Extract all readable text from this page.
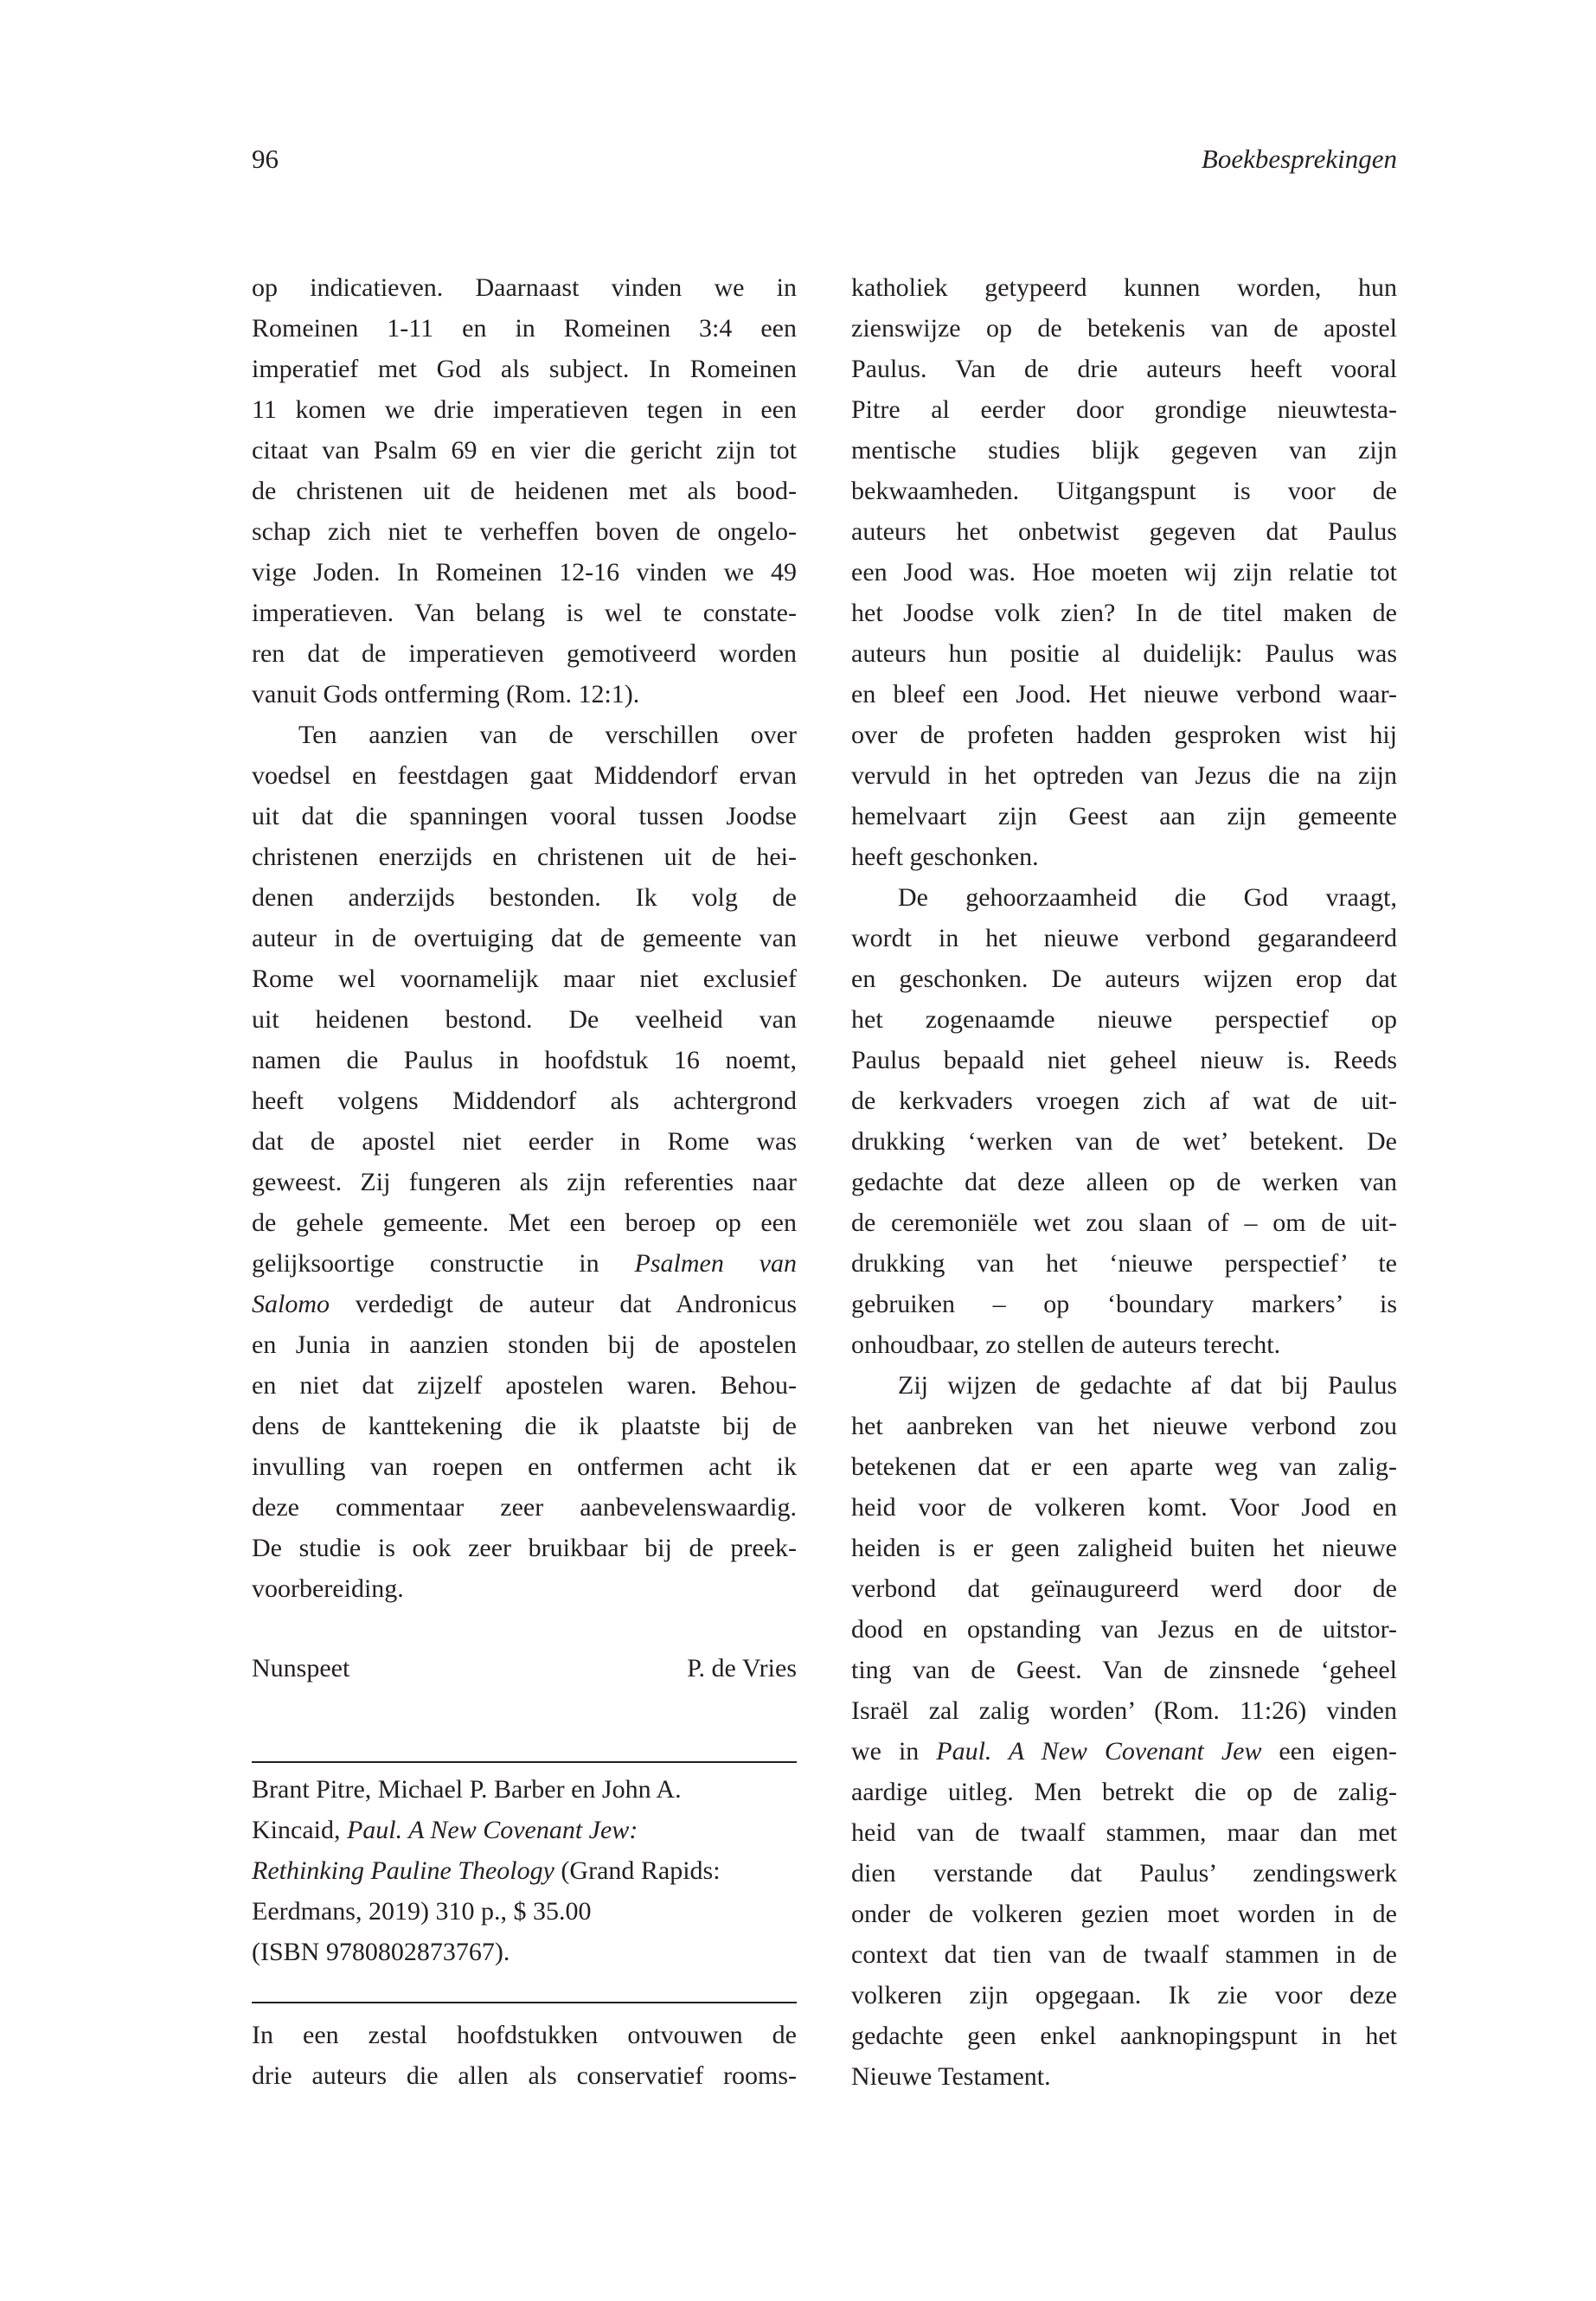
96	Boekbesprekingen
op indicatieven. Daarnaast vinden we in
Romeinen 1-11 en in Romeinen 3:4 een
imperatief met God als subject. In Romeinen
11 komen we drie imperatieven tegen in een
citaat van Psalm 69 en vier die gericht zijn tot
de christenen uit de heidenen met als bood-
schap zich niet te verheffen boven de ongelo-
vige Joden. In Romeinen 12-16 vinden we 49
imperatieven. Van belang is wel te constate-
ren dat de imperatieven gemotiveerd worden
vanuit Gods ontferming (Rom. 12:1).
Ten aanzien van de verschillen over
voedsel en feestdagen gaat Middendorf ervan
uit dat die spanningen vooral tussen Joodse
christenen enerzijds en christenen uit de hei-
denen anderzijds bestonden. Ik volg de
auteur in de overtuiging dat de gemeente van
Rome wel voornamelijk maar niet exclusief
uit heidenen bestond. De veelheid van
namen die Paulus in hoofdstuk 16 noemt,
heeft volgens Middendorf als achtergrond
dat de apostel niet eerder in Rome was
geweest. Zij fungeren als zijn referenties naar
de gehele gemeente. Met een beroep op een
gelijksoortige constructie in Psalmen van
Salomo verdedigt de auteur dat Andronicus
en Junia in aanzien stonden bij de apostelen
en niet dat zijzelf apostelen waren. Behou-
dens de kanttekening die ik plaatste bij de
invulling van roepen en ontfermen acht ik
deze commentaar zeer aanbevelenswaardig.
De studie is ook zeer bruikbaar bij de preek-
voorbereiding.
Nunspeet	P. de Vries
Brant Pitre, Michael P. Barber en John A.
Kincaid, Paul. A New Covenant Jew:
Rethinking Pauline Theology (Grand Rapids:
Eerdmans, 2019) 310 p., $ 35.00
(ISBN 9780802873767).
In een zestal hoofdstukken ontvouwen de
drie auteurs die allen als conservatief rooms-
katholiek getypeerd kunnen worden, hun
zienswijze op de betekenis van de apostel
Paulus. Van de drie auteurs heeft vooral
Pitre al eerder door grondige nieuwtesta-
mentische studies blijk gegeven van zijn
bekwaamheden. Uitgangspunt is voor de
auteurs het onbetwist gegeven dat Paulus
een Jood was. Hoe moeten wij zijn relatie tot
het Joodse volk zien? In de titel maken de
auteurs hun positie al duidelijk: Paulus was
en bleef een Jood. Het nieuwe verbond waar-
over de profeten hadden gesproken wist hij
vervuld in het optreden van Jezus die na zijn
hemelvaart zijn Geest aan zijn gemeente
heeft geschonken.
De gehoorzaamheid die God vraagt,
wordt in het nieuwe verbond gegarandeerd
en geschonken. De auteurs wijzen erop dat
het zogenaamde nieuwe perspectief op
Paulus bepaald niet geheel nieuw is. Reeds
de kerkvaders vroegen zich af wat de uit-
drukking ‘werken van de wet’ betekent. De
gedachte dat deze alleen op de werken van
de ceremoniële wet zou slaan of – om de uit-
drukking van het ‘nieuwe perspectief’ te
gebruiken – op ‘boundary markers’ is
onhoudbaar, zo stellen de auteurs terecht.
Zij wijzen de gedachte af dat bij Paulus
het aanbreken van het nieuwe verbond zou
betekenen dat er een aparte weg van zalig-
heid voor de volkeren komt. Voor Jood en
heiden is er geen zaligheid buiten het nieuwe
verbond dat geïnaugureerd werd door de
dood en opstanding van Jezus en de uitstor-
ting van de Geest. Van de zinsnede ‘geheel
Israël zal zalig worden’ (Rom. 11:26) vinden
we in Paul. A New Covenant Jew een eigen-
aardige uitleg. Men betrekt die op de zalig-
heid van de twaalf stammen, maar dan met
dien verstande dat Paulus’ zendingswerk
onder de volkeren gezien moet worden in de
context dat tien van de twaalf stammen in de
volkeren zijn opgegaan. Ik zie voor deze
gedachte geen enkel aanknopingspunt in het
Nieuwe Testament.
